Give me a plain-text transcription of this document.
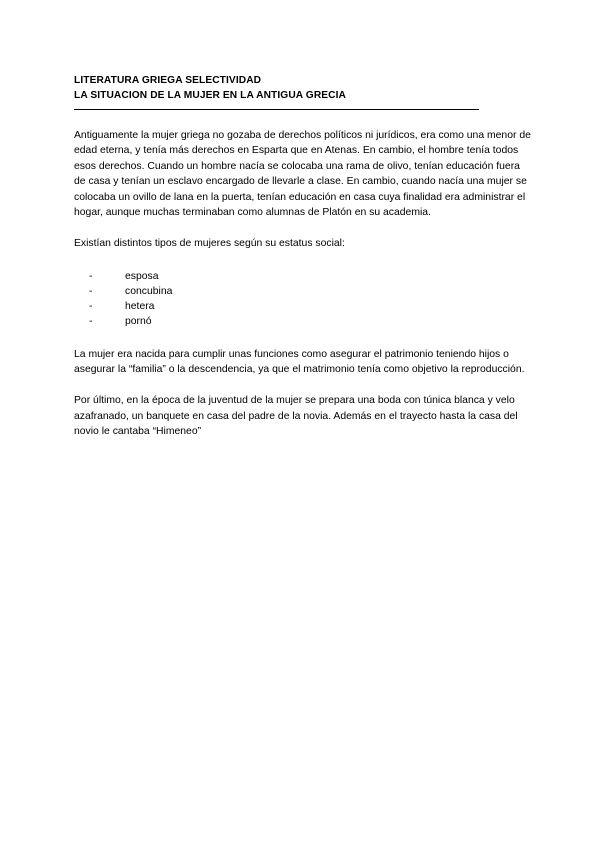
LITERATURA GRIEGA SELECTIVIDAD

LA SITUACION DE LA MUJER EN LA ANTIGUA GRECIA

Antiguamente la mujer griega no gozaba de derechos políticos ni jurídicos, era como una menor de edad eterna, y tenía más derechos en Esparta que en Atenas. En cambio, el hombre tenía todos esos derechos. Cuando un hombre nacía se colocaba una rama de olivo, tenían educación fuera de casa y tenían un esclavo encargado de llevarle a clase. En cambio, cuando nacía una mujer se colocaba un ovillo de lana en la puerta, tenían educación en casa cuya finalidad era administrar el hogar, aunque muchas terminaban como alumnas de Platón en su academia.

Existían distintos tipos de mujeres según su estatus social:

-	esposa
-	concubina
-	hetera
-	pornó

La mujer era nacida para cumplir unas funciones como asegurar el patrimonio teniendo hijos o asegurar la “familia” o la descendencia, ya que el matrimonio tenía como objetivo la reproducción.

Por último, en la época de la juventud de la mujer se prepara una boda con túnica blanca y velo azafranado, un banquete en casa del padre de la novia. Además en el trayecto hasta la casa del novio le cantaba “Himeneo”
